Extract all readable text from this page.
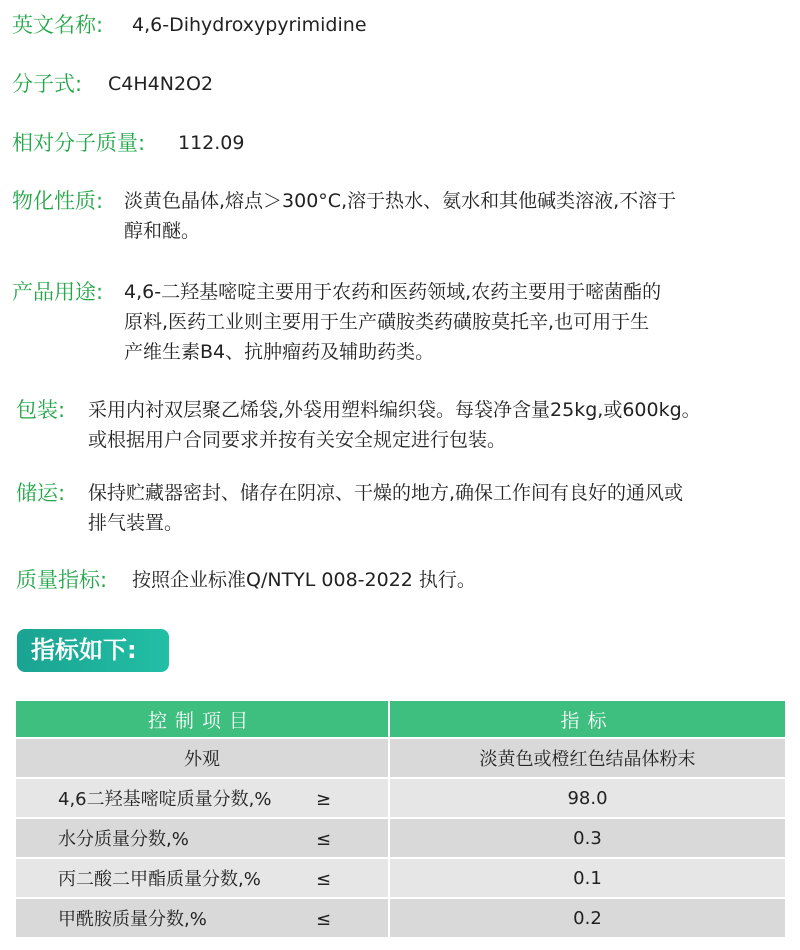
英文名称: 4,6-Dihydroxypyrimidine
分子式: C4H4N2O2
相对分子质量: 112.09
物化性质: 淡黄色晶体,熔点＞300°C,溶于热水、氨水和其他碱类溶液,不溶于
醇和醚。
产品用途: 4,6-二羟基嘧啶主要用于农药和医药领域,农药主要用于嘧菌酯的
原料,医药工业则主要用于生产磺胺类药磺胺莫托辛,也可用于生
产维生素B4、抗肿瘤药及辅助药类。
包装: 采用内衬双层聚乙烯袋,外袋用塑料编织袋。每袋净含量25kg,或600kg。
或根据用户合同要求并按有关安全规定进行包装。
储运: 保持贮藏器密封、储存在阴凉、干燥的地方,确保工作间有良好的通风或
排气装置。
质量指标: 按照企业标准Q/NTYL 008-2022 执行。
指标如下:
控制项目	指标
外观	淡黄色或橙红色结晶体粉末
4,6二羟基嘧啶质量分数,% ≥	98.0
水分质量分数,% ≤	0.3
丙二酸二甲酯质量分数,% ≤	0.1
甲酰胺质量分数,% ≤	0.2
